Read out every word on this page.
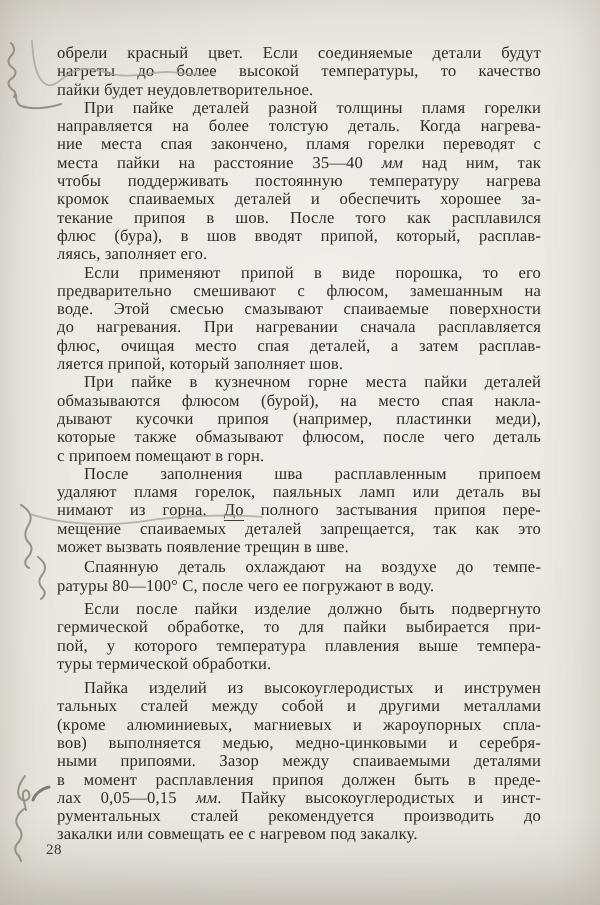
обрели красный цвет. Если соединяемые детали будут
нагреты до более высокой температуры, то качество
пайки будет неудовлетворительное.
При пайке деталей разной толщины пламя горелки
направляется на более толстую деталь. Когда нагрева-
ние места спая закончено, пламя горелки переводят с
места пайки на расстояние 35—40 мм над ним, так
чтобы поддерживать постоянную температуру нагрева
кромок спаиваемых деталей и обеспечить хорошее за-
текание припоя в шов. После того как расплавился
флюс (бура), в шов вводят припой, который, расплав-
ляясь, заполняет его.
Если применяют припой в виде порошка, то его
предварительно смешивают с флюсом, замешанным на
воде. Этой смесью смазывают спаиваемые поверхности
до нагревания. При нагревании сначала расплавляется
флюс, очищая место спая деталей, а затем расплав-
ляется припой, который заполняет шов.
При пайке в кузнечном горне места пайки деталей
обмазываются флюсом (бурой), на место спая накла-
дывают кусочки припоя (например, пластинки меди),
которые также обмазывают флюсом, после чего деталь
с припоем помещают в горн.
После заполнения шва расплавленным припоем
удаляют пламя горелок, паяльных ламп или деталь вы
нимают из горна. До полного застывания припоя пере-
мещение спаиваемых деталей запрещается, так как это
может вызвать появление трещин в шве.
Спаянную деталь охлаждают на воздухе до темпе-
ратуры 80—100° С, после чего ее погружают в воду.
Если после пайки изделие должно быть подвергнуто
гермической обработке, то для пайки выбирается при-
пой, у которого температура плавления выше темпера-
туры термической обработки.
Пайка изделий из высокоуглеродистых и инструмен
тальных сталей между собой и другими металлами
(кроме алюминиевых, магниевых и жароупорных спла-
вов) выполняется медью, медно-цинковыми и серебря-
ными припоями. Зазор между спаиваемыми деталями
в момент расплавления припоя должен быть в преде-
лах 0,05—0,15 мм. Пайку высокоуглеродистых и инст-
рументальных сталей рекомендуется производить до
закалки или совмещать ее с нагревом под закалку.
28
